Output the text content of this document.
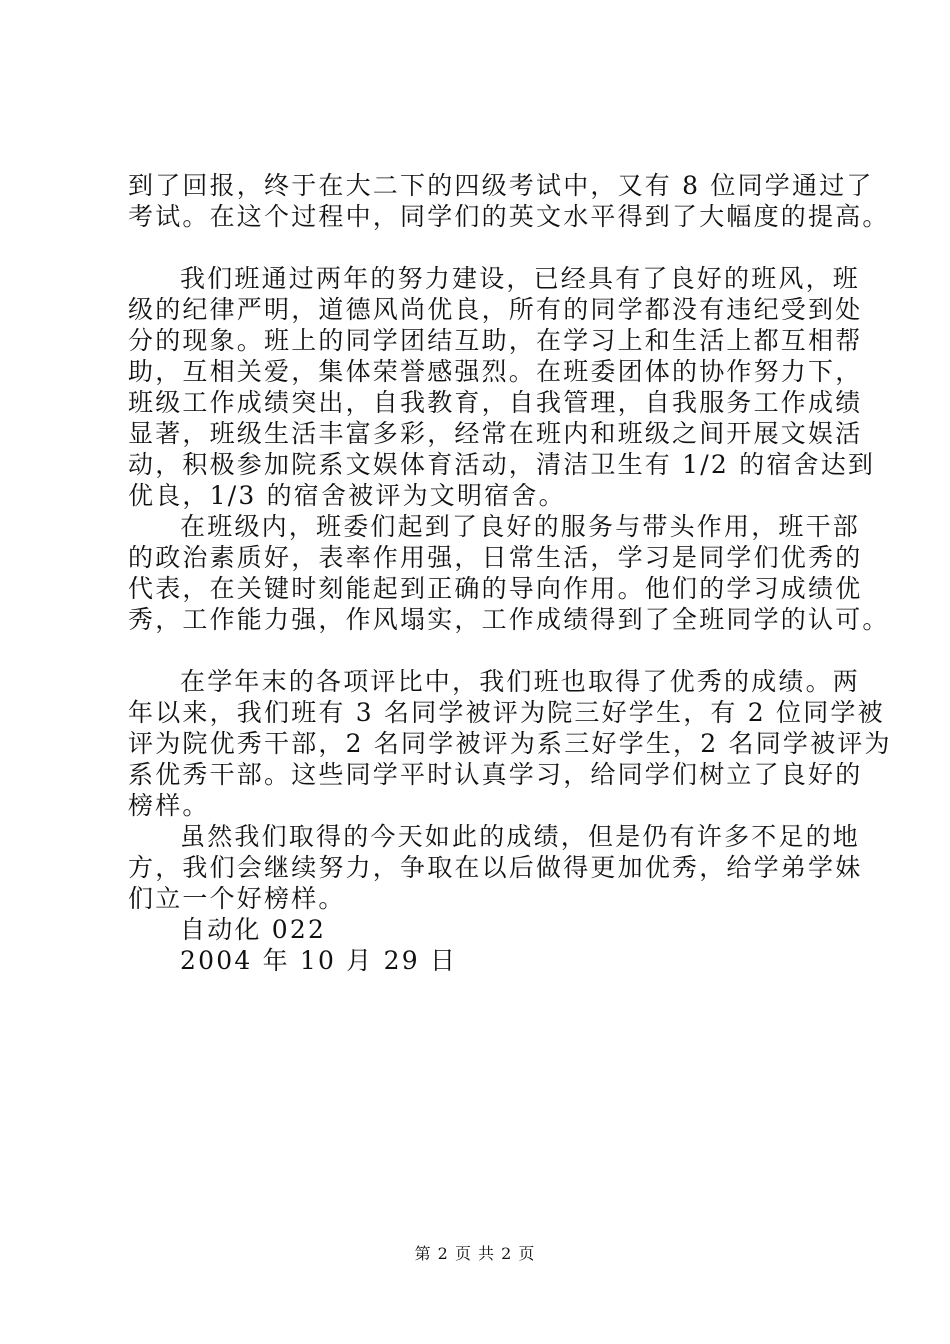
到了回报，终于在大二下的四级考试中，又有 8 位同学通过了
考试。在这个过程中，同学们的英文水平得到了大幅度的提高。
我们班通过两年的努力建设，已经具有了良好的班风，班
级的纪律严明，道德风尚优良，所有的同学都没有违纪受到处
分的现象。班上的同学团结互助，在学习上和生活上都互相帮
助，互相关爱，集体荣誉感强烈。在班委团体的协作努力下，
班级工作成绩突出，自我教育，自我管理，自我服务工作成绩
显著，班级生活丰富多彩，经常在班内和班级之间开展文娱活
动，积极参加院系文娱体育活动，清洁卫生有 1/2 的宿舍达到
优良，1/3 的宿舍被评为文明宿舍。
在班级内，班委们起到了良好的服务与带头作用，班干部
的政治素质好，表率作用强，日常生活，学习是同学们优秀的
代表，在关键时刻能起到正确的导向作用。他们的学习成绩优
秀，工作能力强，作风塌实，工作成绩得到了全班同学的认可。
在学年末的各项评比中，我们班也取得了优秀的成绩。两
年以来，我们班有 3 名同学被评为院三好学生，有 2 位同学被
评为院优秀干部，2 名同学被评为系三好学生，2 名同学被评为
系优秀干部。这些同学平时认真学习，给同学们树立了良好的
榜样。
虽然我们取得的今天如此的成绩，但是仍有许多不足的地
方，我们会继续努力，争取在以后做得更加优秀，给学弟学妹
们立一个好榜样。
自动化 022
2004 年 10 月 29 日
第 2 页 共 2 页
